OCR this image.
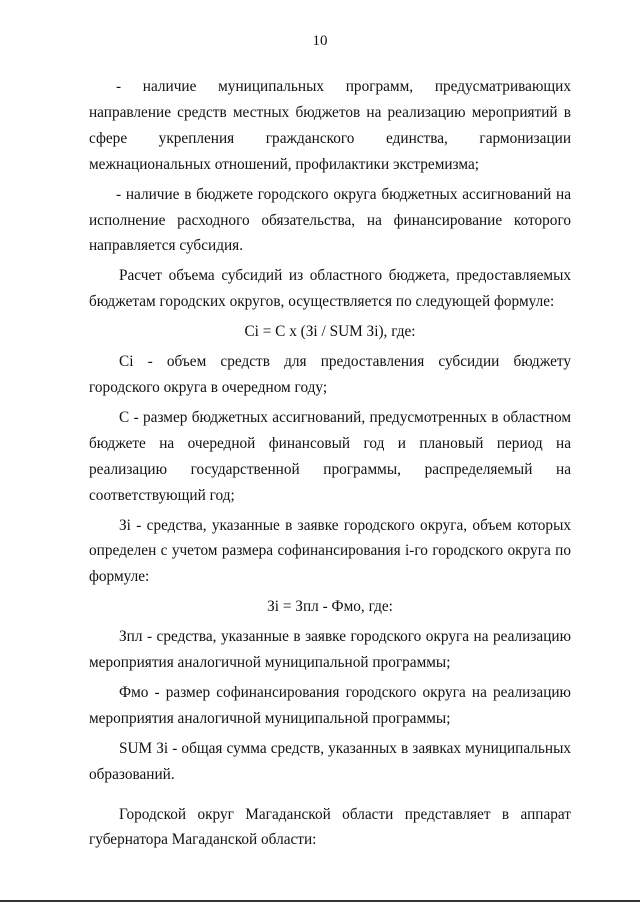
10

- наличие муниципальных программ, предусматривающих направление средств местных бюджетов на реализацию мероприятий в сфере укрепления гражданского единства, гармонизации межнациональных отношений, профилактики экстремизма;

- наличие в бюджете городского округа бюджетных ассигнований на исполнение расходного обязательства, на финансирование которого направляется субсидия.

Расчет объема субсидий из областного бюджета, предоставляемых бюджетам городских округов, осуществляется по следующей формуле:

Ci = C x (Зi / SUM Зi), где:

Ci - объем средств для предоставления субсидии бюджету городского округа в очередном году;

C - размер бюджетных ассигнований, предусмотренных в областном бюджете на очередной финансовый год и плановый период на реализацию государственной программы, распределяемый на соответствующий год;

Зi - средства, указанные в заявке городского округа, объем которых определен с учетом размера софинансирования i-го городского округа по формуле:

Зi = Зпл - Фмо, где:

Зпл - средства, указанные в заявке городского округа на реализацию мероприятия аналогичной муниципальной программы;

Фмо - размер софинансирования городского округа на реализацию мероприятия аналогичной муниципальной программы;

SUM Зi - общая сумма средств, указанных в заявках муниципальных образований.

Городской округ Магаданской области представляет в аппарат губернатора Магаданской области:
